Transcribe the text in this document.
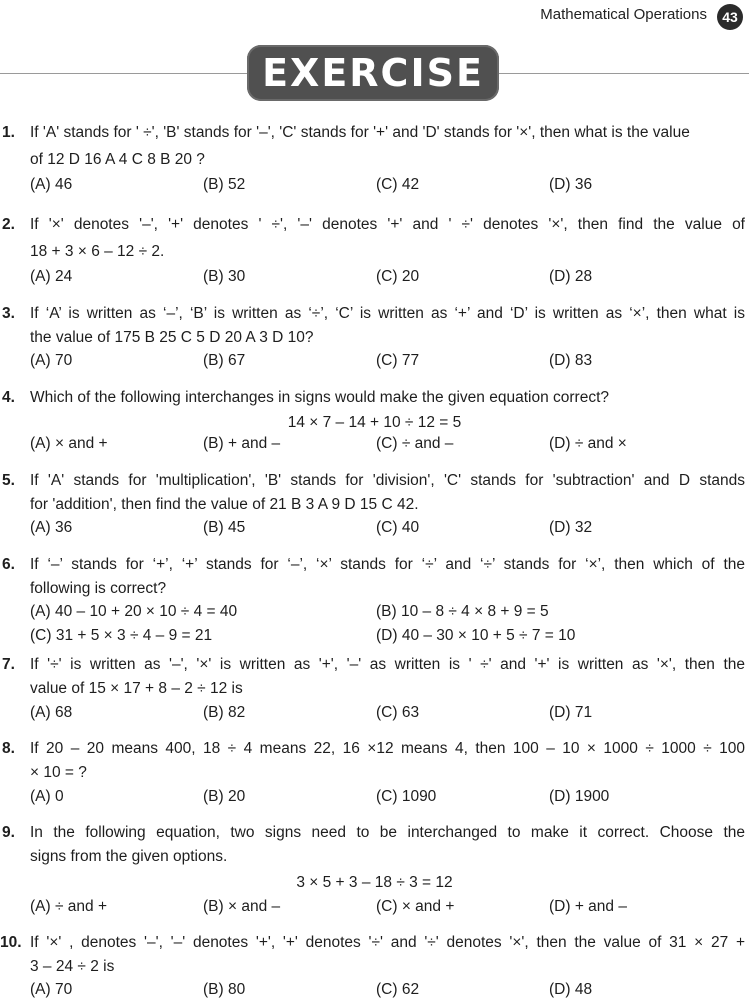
Mathematical Operations	43
EXERCISE
1. If 'A' stands for ' ÷', 'B' stands for '–', 'C' stands for '+' and 'D' stands for '×', then what is the value
of 12 D 16 A 4 C 8 B 20 ?
(A) 46	(B) 52	(C) 42	(D) 36
2. If '×' denotes '–', '+' denotes ' ÷', '–' denotes '+' and ' ÷' denotes '×', then find the value of
18 + 3 × 6 – 12 ÷ 2.
(A) 24	(B) 30	(C) 20	(D) 28
3. If ‘A’ is written as ‘–’, ‘B’ is written as ‘÷’, ‘C’ is written as ‘+’ and ‘D’ is written as ‘×’, then what is
the value of 175 B 25 C 5 D 20 A 3 D 10?
(A) 70	(B) 67	(C) 77	(D) 83
4. Which of the following interchanges in signs would make the given equation correct?
14 × 7 – 14 + 10 ÷ 12 = 5
(A) × and +	(B) + and –	(C) ÷ and –	(D) ÷ and ×
5. If 'A' stands for 'multiplication', 'B' stands for 'division', 'C' stands for 'subtraction' and D stands
for 'addition', then find the value of 21 B 3 A 9 D 15 C 42.
(A) 36	(B) 45	(C) 40	(D) 32
6. If ‘–’ stands for ‘+’, ‘+’ stands for ‘–’, ‘×’ stands for ‘÷’ and ‘÷’ stands for ‘×’, then which of the
following is correct?
(A) 40 – 10 + 20 × 10 ÷ 4 = 40	(B) 10 – 8 ÷ 4 × 8 + 9 = 5
(C) 31 + 5 × 3 ÷ 4 – 9 = 21	(D) 40 – 30 × 10 + 5 ÷ 7 = 10
7. If '÷' is written as '–', '×' is written as '+', '–' as written is ' ÷' and '+' is written as '×', then the
value of 15 × 17 + 8 – 2 ÷ 12 is
(A) 68	(B) 82	(C) 63	(D) 71
8. If 20 – 20 means 400, 18 ÷ 4 means 22, 16 ×12 means 4, then 100 – 10 × 1000 ÷ 1000 ÷ 100
× 10 = ?
(A) 0	(B) 20	(C) 1090	(D) 1900
9. In the following equation, two signs need to be interchanged to make it correct. Choose the
signs from the given options.
3 × 5 + 3 – 18 ÷ 3 = 12
(A) ÷ and +	(B) × and –	(C) × and +	(D) + and –
10. If '×' , denotes '–', '–' denotes '+', '+' denotes '÷' and '÷' denotes '×', then the value of 31 × 27 +
3 – 24 ÷ 2 is
(A) 70	(B) 80	(C) 62	(D) 48
